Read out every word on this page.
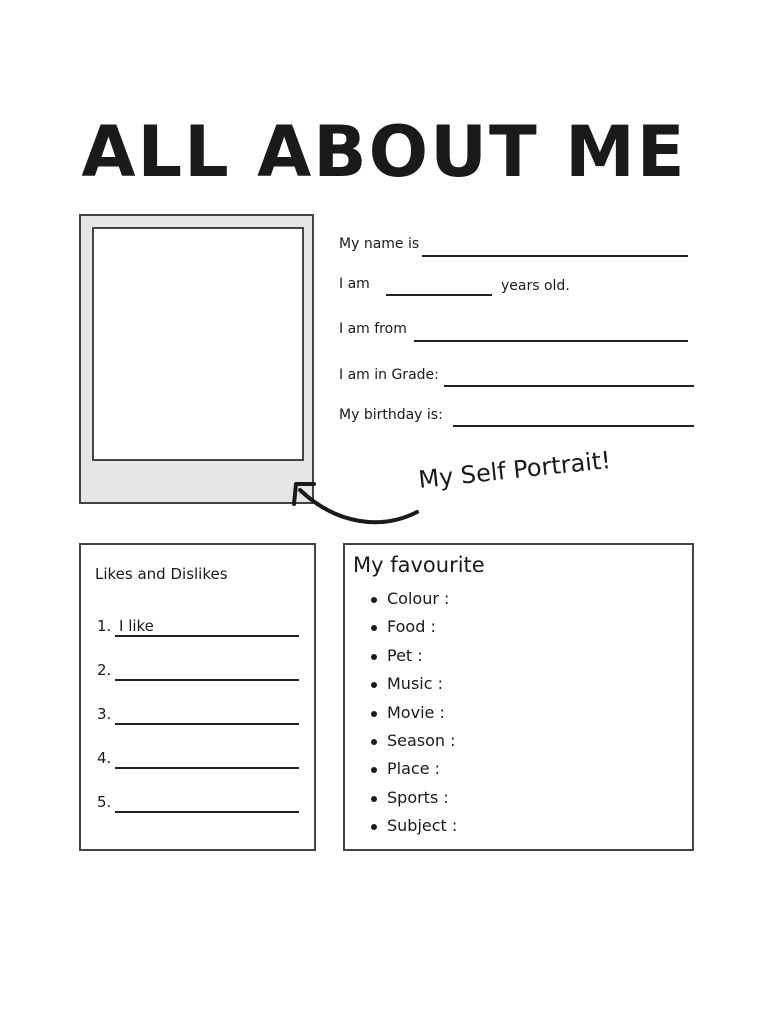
ALL ABOUT ME
My name is
I am	years old.
I am from
I am in Grade:
My birthday is:
My Self Portrait!
Likes and Dislikes
1. I like
2.
3.
4.
5.
My favourite
Colour :
Food :
Pet :
Music :
Movie :
Season :
Place :
Sports :
Subject :
